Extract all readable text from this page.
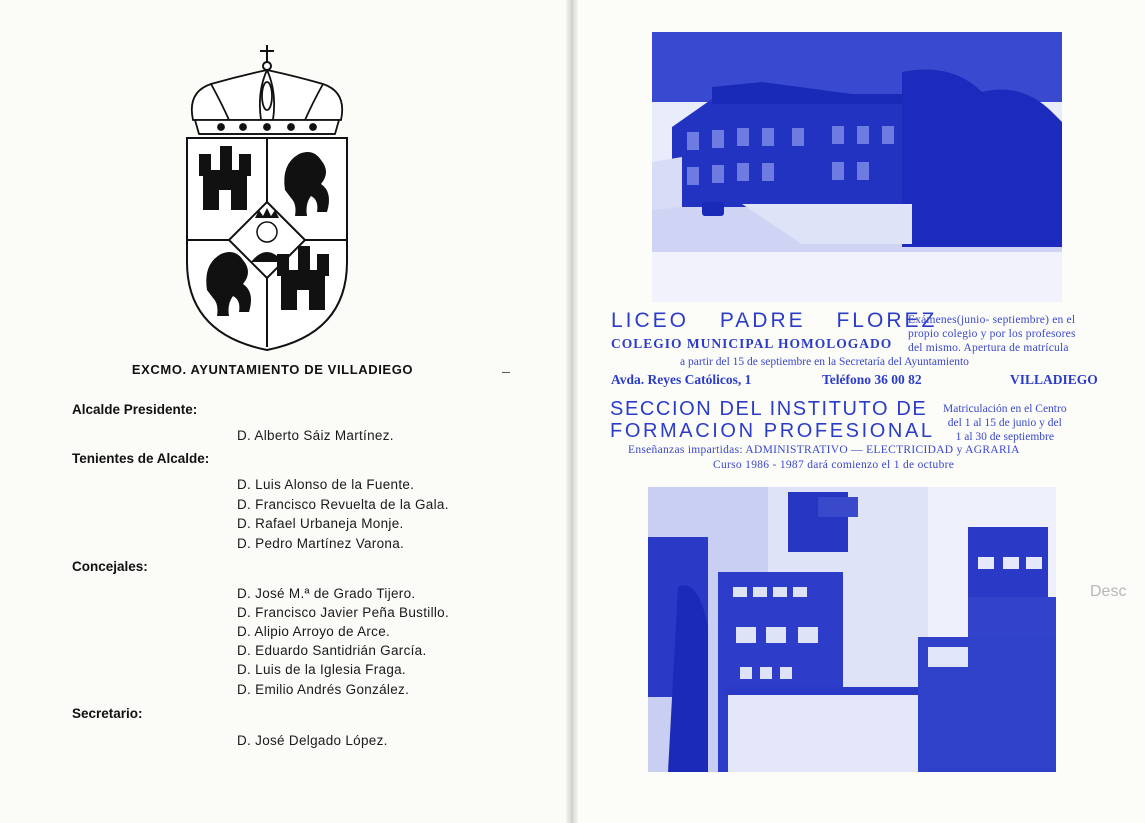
EXCMO. AYUNTAMIENTO DE VILLADIEGO
Alcalde Presidente:
D. Alberto Sáiz Martínez.
Tenientes de Alcalde:
D. Luis Alonso de la Fuente.
D. Francisco Revuelta de la Gala.
D. Rafael Urbaneja Monje.
D. Pedro Martínez Varona.
Concejales:
D. José M.ª de Grado Tijero.
D. Francisco Javier Peña Bustillo.
D. Alipio Arroyo de Arce.
D. Eduardo Santidrián García.
D. Luis de la Iglesia Fraga.
D. Emilio Andrés González.
Secretario:
D. José Delgado López.
LICEO PADRE FLOREZ
COLEGIO MUNICIPAL HOMOLOGADO
Exámenes(junio- septiembre) en el
propio colegio y por los profesores
del mismo. Apertura de matrícula
a partir del 15 de septiembre en la Secretaría del Ayuntamiento
Avda. Reyes Católicos, 1	Teléfono 36 00 82	VILLADIEGO
SECCION DEL INSTITUTO DE
FORMACION PROFESIONAL
Matriculación en el Centro
del 1 al 15 de junio y del
1 al 30 de septiembre
Enseñanzas impartidas: ADMINISTRATIVO — ELECTRICIDAD y AGRARIA
Curso 1986 - 1987 dará comienzo el 1 de octubre
Desc
